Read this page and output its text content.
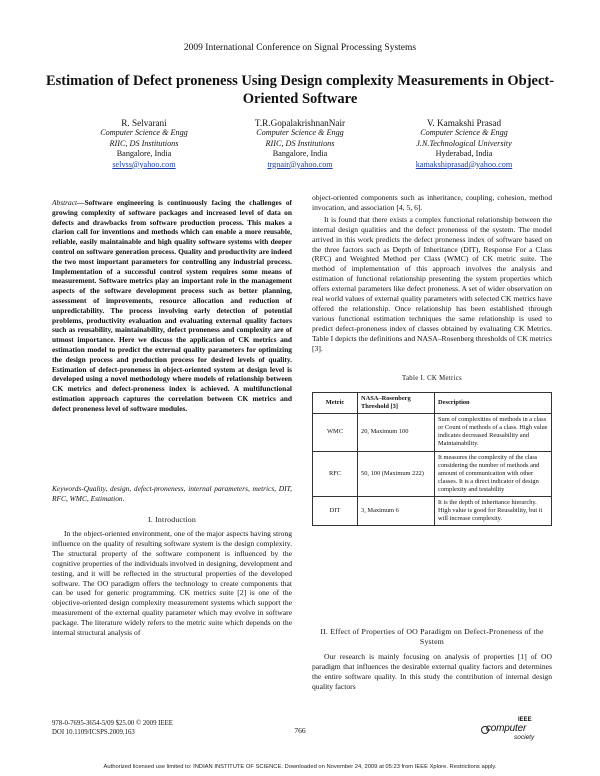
2009 International Conference on Signal Processing Systems
Estimation of Defect proneness Using Design complexity Measurements in Object-Oriented Software
R. Selvarani
Computer Science & Engg
RIIC, DS Institutions
Bangalore, India
selvss@yahoo.com
T.R.GopalakrishnanNair
Computer Science & Engg
RIIC, DS Institutions
Bangalore, India
trgnair@yahoo.com
V. Kamakshi Prasad
Computer Science & Engg
J.N.Technological University
Hyderabad, India
kamakshiprasad@yahoo.com
Abstract—Software engineering is continuously facing the challenges of growing complexity of software packages and increased level of data on defects and drawbacks from software production process. This makes a clarion call for inventions and methods which can enable a more reusable, reliable, easily maintainable and high quality software systems with deeper control on software generation process. Quality and productivity are indeed the two most important parameters for controlling any industrial process. Implementation of a successful control system requires some means of measurement. Software metrics play an important role in the management aspects of the software development process such as better planning, assessment of improvements, resource allocation and reduction of unpredictability. The process involving early detection of potential problems, productivity evaluation and evaluating external quality factors such as reusability, maintainability, defect proneness and complexity are of utmost importance. Here we discuss the application of CK metrics and estimation model to predict the external quality parameters for optimizing the design process and production process for desired levels of quality. Estimation of defect-proneness in object-oriented system at design level is developed using a novel methodology where models of relationship between CK metrics and defect-proneness index is achieved. A multifunctional estimation approach captures the correlation between CK metrics and defect proneness level of software modules.
Keywords-Quality, design, defect-proneness, internal parameters, metrics, DIT, RFC, WMC, Estimation.
I. Introduction

In the object-oriented environment, one of the major aspects having strong influence on the quality of resulting software system is the design complexity. The structural property of the software component is influenced by the cognitive properties of the individuals involved in designing, development and testing, and it will be reflected in the structural properties of the developed software. The OO paradigm offers the technology to create components that can be used for generic programming. CK metrics suite [2] is one of the objective-oriented design complexity measurement systems which support the measurement of the external quality parameter which may evolve in software package. The literature widely refers to the metric suite which depends on the internal structural analysis of

object-oriented components such as inheritance, coupling, cohesion, method invocation, and association [4, 5, 6].

It is found that there exists a complex functional relationship between the internal design qualities and the defect proneness of the system. The model arrived in this work predicts the defect proneness index of software based on the three factors such as Depth of Inheritance (DIT), Response For a Class (RFC) and Weighted Method per Class (WMC) of CK metric suite. The method of implementation of this approach involves the analysis and estimation of functional relationship presenting the system properties which offers external parameters like defect proneness. A set of wider observation on real world values of external quality parameters with selected CK metrics have offered the relationship. Once relationship has been established through various functional estimation techniques the same relationship is used to predict defect-proneness index of classes obtained by evaluating CK Metrics. Table I depicts the definitions and NASA–Rosenberg thresholds of CK metrics [3].

Table I. CK Metrics
Metric	NASA–Rosenberg Threshold [3]	Description
WMC	20, Maximum 100	Sum of complexities of methods in a class or Count of methods of a class. High value indicates decreased Reusability and Maintainability.
RFC	50, 100 (Maximum 222)	It measures the complexity of the class considering the number of methods and amount of communication with other classes. It is a direct indicator of design complexity and testability
DIT	3, Maximum 6	It is the depth of inheritance hierarchy. High value is good for Reusability, but it will increase complexity.
II. Effect of Properties of OO Paradigm on Defect-Proneness of the System

Our research is mainly focusing on analysis of properties [1] of OO paradigm that influences the desirable external quality factors and determines the entire software quality. In this study the contribution of internal design quality factors

978-0-7695-3654-5/09 $25.00 © 2009 IEEE
DOI 10.1109/ICSPS.2009.163	766
IEEE
computer
society
Authorized licensed use limited to: INDIAN INSTITUTE OF SCIENCE. Downloaded on November 24, 2009 at 05:23 from IEEE Xplore. Restrictions apply.
